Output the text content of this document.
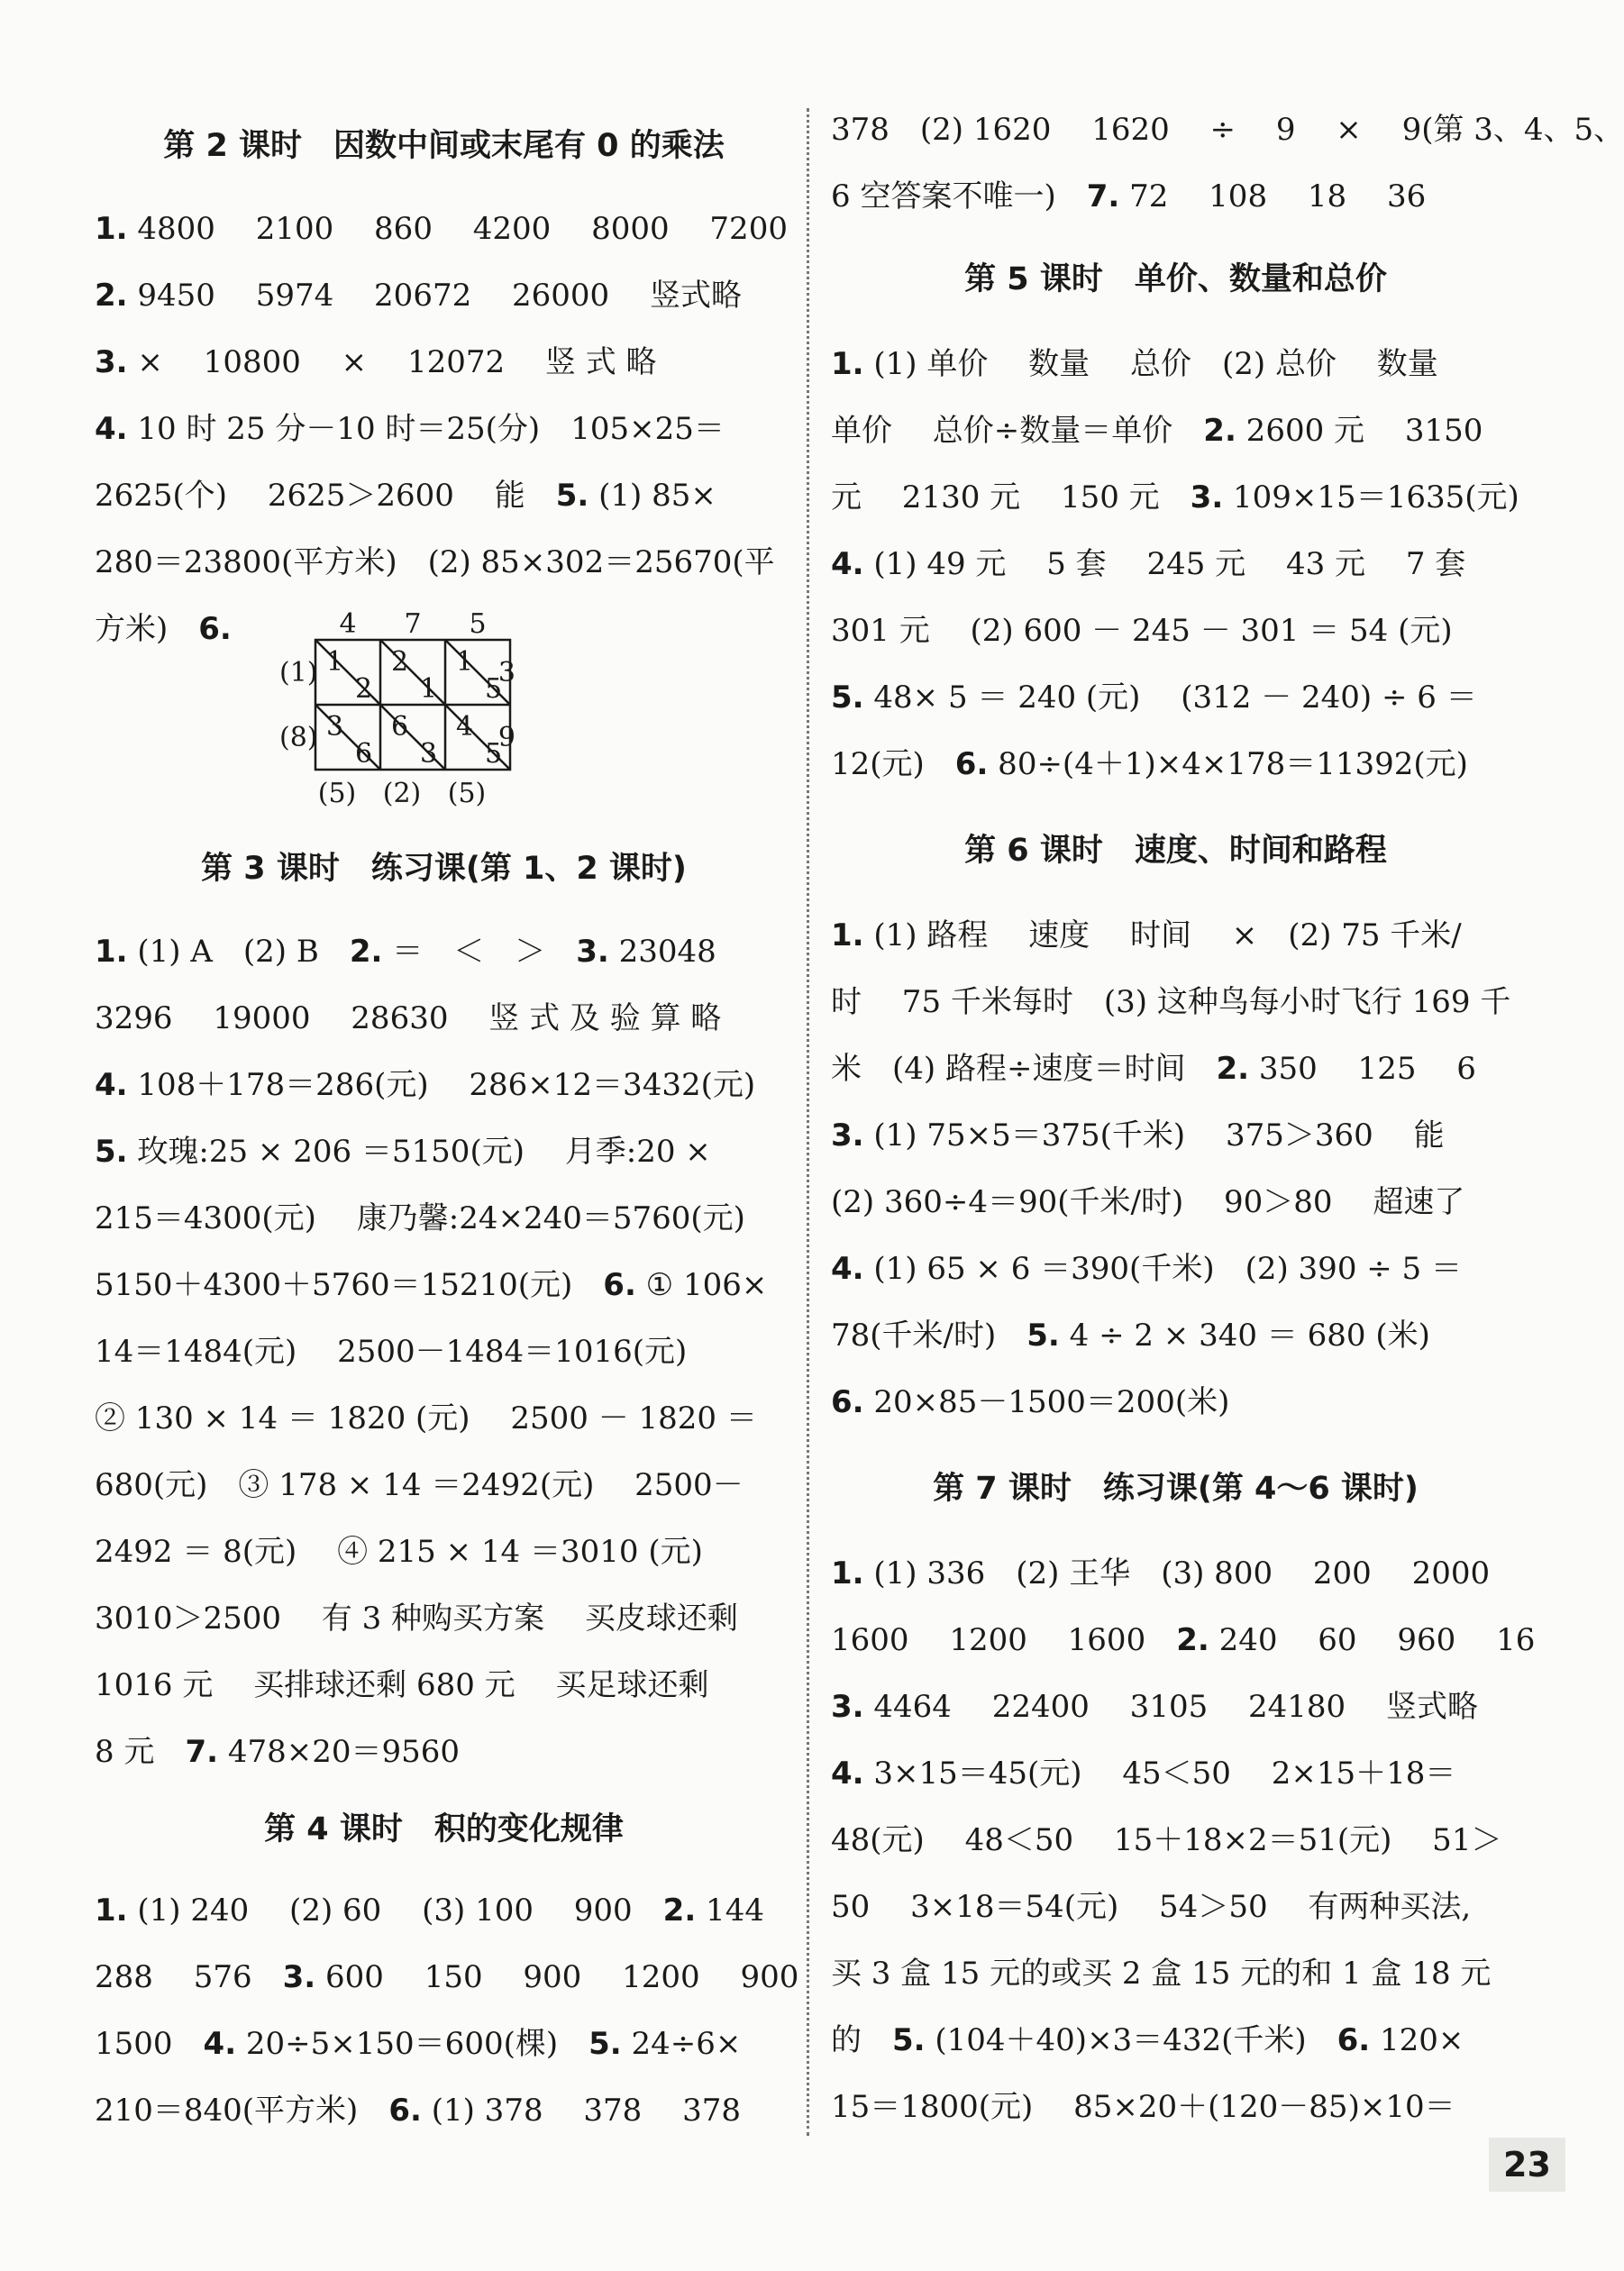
第 2 课时　因数中间或末尾有 0 的乘法
1. 4800　 2100　 860　 4200　 8000　 7200
2. 9450　 5974　 20672　 26000　 竖式略
3. ×　 10800　 ×　 12072　 竖 式 略
4. 10 时 25 分－10 时＝25(分)　105×25＝
2625(个)　 2625＞2600　 能　5. (1) 85×
280＝23800(平方米)　(2) 85×302＝25670(平
方米)　6.	4 7 5
(1)
(8)
3
9
1
2
2
1
1
5
3
6
6
3
4
5
(5) (2) (5)
第 3 课时　练习课(第 1、2 课时)
1. (1) A　(2) B　2. ＝　＜　＞　3. 23048
3296　 19000　 28630　 竖 式 及 验 算 略
4. 108＋178＝286(元)　 286×12＝3432(元)
5. 玫瑰:25 × 206 ＝5150(元)　 月季:20 ×
215＝4300(元)　 康乃馨:24×240＝5760(元)
5150＋4300＋5760＝15210(元)　6. ① 106×
14＝1484(元)　 2500－1484＝1016(元)
② 130 × 14 ＝ 1820 (元)　 2500 － 1820 ＝
680(元)　③ 178 × 14 ＝2492(元)　 2500－
2492 ＝ 8(元)　 ④ 215 × 14 ＝3010 (元)
3010＞2500　 有 3 种购买方案　 买皮球还剩
1016 元　 买排球还剩 680 元　 买足球还剩
8 元　7. 478×20＝9560
第 4 课时　积的变化规律
1. (1) 240　 (2) 60　 (3) 100　 900　2. 144
288　 576　3. 600　 150　 900　 1200　 900
1500　4. 20÷5×150＝600(棵)　5. 24÷6×
210＝840(平方米)　6. (1) 378　 378　 378
378　(2) 1620　 1620　 ÷　 9　 ×　 9(第 3、4、5、
6 空答案不唯一)　7. 72　 108　 18　 36
第 5 课时　单价、数量和总价
1. (1) 单价　 数量　 总价　(2) 总价　 数量
单价　 总价÷数量＝单价　2. 2600 元　 3150
元　 2130 元　 150 元　3. 109×15＝1635(元)
4. (1) 49 元　 5 套　 245 元　 43 元　 7 套
301 元　 (2) 600 － 245 － 301 ＝ 54 (元)
5. 48× 5 ＝ 240 (元)　 (312 － 240) ÷ 6 ＝
12(元)　6. 80÷(4＋1)×4×178＝11392(元)
第 6 课时　速度、时间和路程
1. (1) 路程　 速度　 时间　 ×　(2) 75 千米/
时　 75 千米每时　(3) 这种鸟每小时飞行 169 千
米　(4) 路程÷速度＝时间　2. 350　 125　 6
3. (1) 75×5＝375(千米)　 375＞360　 能
(2) 360÷4＝90(千米/时)　 90＞80　 超速了
4. (1) 65 × 6 ＝390(千米)　(2) 390 ÷ 5 ＝
78(千米/时)　5. 4 ÷ 2 × 340 ＝ 680 (米)
6. 20×85－1500＝200(米)
第 7 课时　练习课(第 4～6 课时)
1. (1) 336　(2) 王华　(3) 800　 200　 2000
1600　 1200　 1600　2. 240　 60　 960　 16
3. 4464　 22400　 3105　 24180　 竖式略
4. 3×15＝45(元)　 45＜50　 2×15＋18＝
48(元)　 48＜50　 15＋18×2＝51(元)　 51＞
50　 3×18＝54(元)　 54＞50　 有两种买法,
买 3 盒 15 元的或买 2 盒 15 元的和 1 盒 18 元
的　5. (104＋40)×3＝432(千米)　6. 120×
15＝1800(元)　 85×20＋(120－85)×10＝
23
